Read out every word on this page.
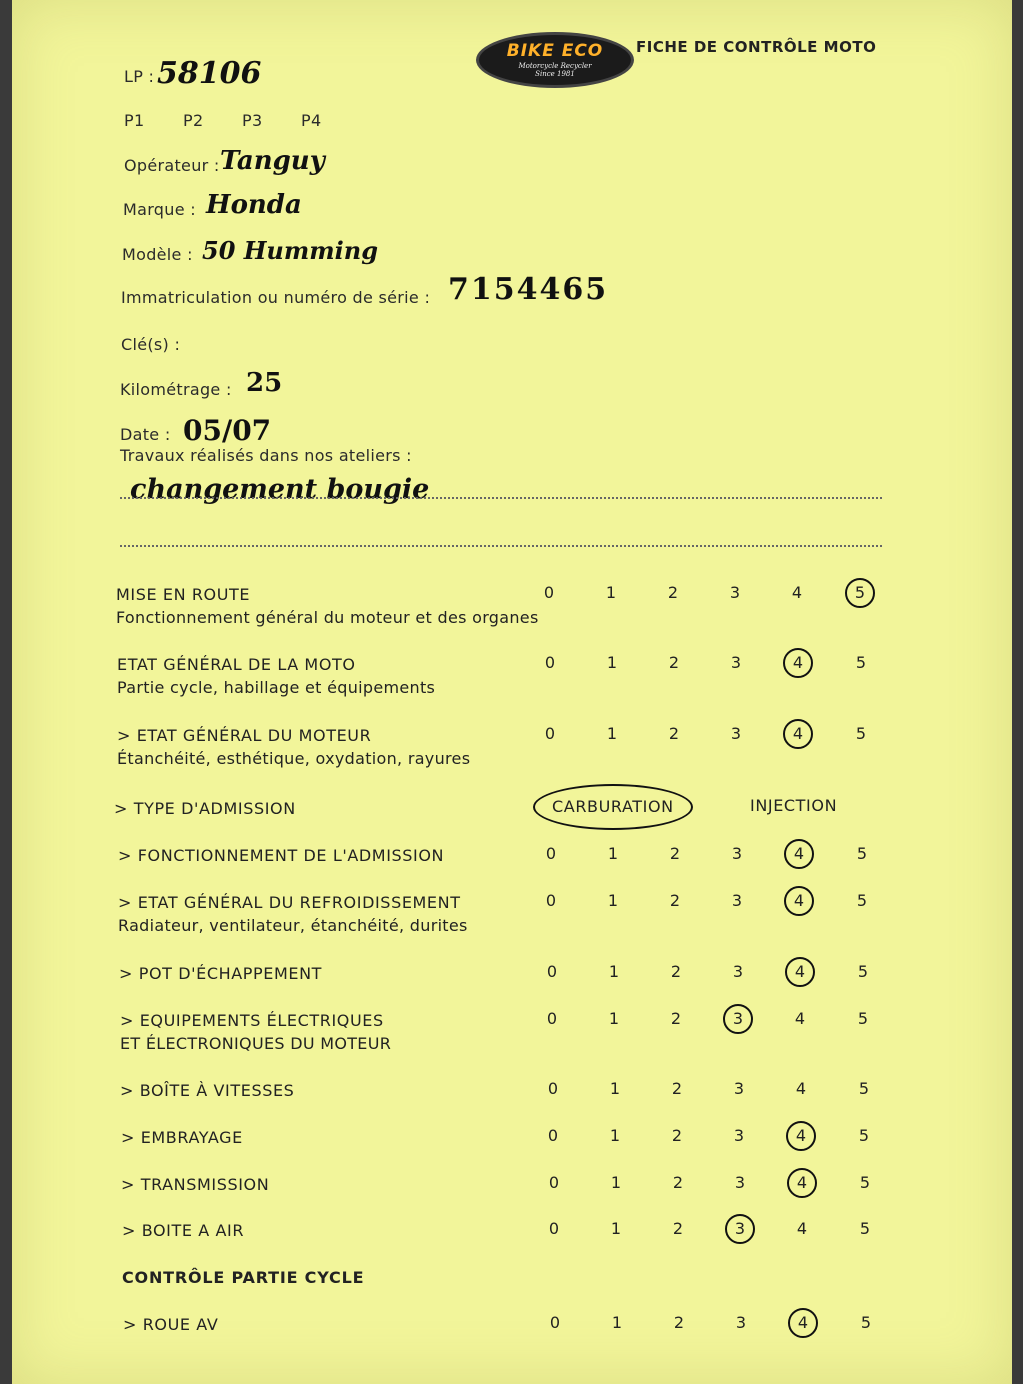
BIKE ECO
Motorcycle Recycler
Since 1981
FICHE DE CONTRÔLE MOTO
LP : 58106
P1 P2 P3 P4
Opérateur : Tanguy
Marque : Honda
Modèle : 50 Humming
Immatriculation ou numéro de série : 7154465
Clé(s) :
Kilométrage : 25
Date : 05/07
Travaux réalisés dans nos ateliers :
changement bougie
MISE EN ROUTE
Fonctionnement général du moteur et des organes
0	1	2	3	4	5
ETAT GÉNÉRAL DE LA MOTO
Partie cycle, habillage et équipements
0	1	2	3	4	5
> ETAT GÉNÉRAL DU MOTEUR
Étanchéité, esthétique, oxydation, rayures
0	1	2	3	4	5
> FONCTIONNEMENT DE L'ADMISSION	0	1	2	3	4	5
> ETAT GÉNÉRAL DU REFROIDISSEMENT
Radiateur, ventilateur, étanchéité, durites
0	1	2	3	4	5
> POT D'ÉCHAPPEMENT	0	1	2	3	4	5
> EQUIPEMENTS ÉLECTRIQUES
ET ÉLECTRONIQUES DU MOTEUR
0	1	2	3	4	5
> BOÎTE À VITESSES	0	1	2	3	4	5
> EMBRAYAGE	0	1	2	3	4	5
> TRANSMISSION	0	1	2	3	4	5
> BOITE A AIR	0	1	2	3	4	5
> TYPE D'ADMISSION	CARBURATION	INJECTION
CONTRÔLE PARTIE CYCLE
> ROUE AV	0	1	2	3	4	5
